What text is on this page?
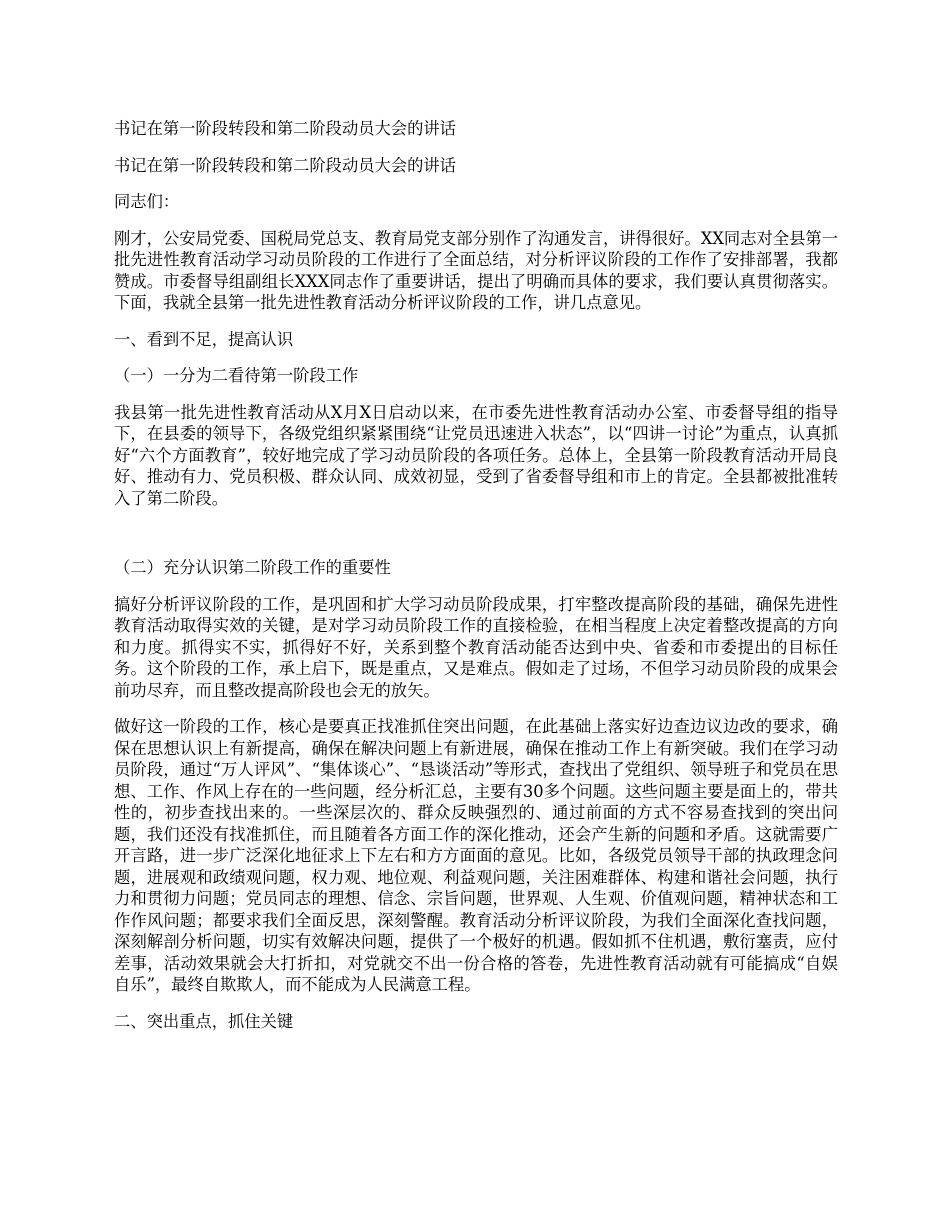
书记在第一阶段转段和第二阶段动员大会的讲话

书记在第一阶段转段和第二阶段动员大会的讲话

同志们：

刚才，公安局党委、国税局党总支、教育局党支部分别作了沟通发言，讲得很好。XX同志对全县第一批先进性教育活动学习动员阶段的工作进行了全面总结，对分析评议阶段的工作作了安排部署，我都赞成。市委督导组副组长XXX同志作了重要讲话，提出了明确而具体的要求，我们要认真贯彻落实。下面，我就全县第一批先进性教育活动分析评议阶段的工作，讲几点意见。

一、看到不足，提高认识

（一）一分为二看待第一阶段工作

我县第一批先进性教育活动从X月X日启动以来，在市委先进性教育活动办公室、市委督导组的指导下，在县委的领导下，各级党组织紧紧围绕“让党员迅速进入状态”，以“四讲一讨论”为重点，认真抓好“六个方面教育”，较好地完成了学习动员阶段的各项任务。总体上，全县第一阶段教育活动开局良好、推动有力、党员积极、群众认同、成效初显，受到了省委督导组和市上的肯定。全县都被批准转入了第二阶段。

（二）充分认识第二阶段工作的重要性

搞好分析评议阶段的工作，是巩固和扩大学习动员阶段成果，打牢整改提高阶段的基础，确保先进性教育活动取得实效的关键，是对学习动员阶段工作的直接检验，在相当程度上决定着整改提高的方向和力度。抓得实不实，抓得好不好，关系到整个教育活动能否达到中央、省委和市委提出的目标任务。这个阶段的工作，承上启下，既是重点，又是难点。假如走了过场，不但学习动员阶段的成果会前功尽弃，而且整改提高阶段也会无的放矢。

做好这一阶段的工作，核心是要真正找准抓住突出问题，在此基础上落实好边查边议边改的要求，确保在思想认识上有新提高，确保在解决问题上有新进展，确保在推动工作上有新突破。我们在学习动员阶段，通过“万人评风”、“集体谈心”、“恳谈活动”等形式，查找出了党组织、领导班子和党员在思想、工作、作风上存在的一些问题，经分析汇总，主要有30多个问题。这些问题主要是面上的，带共性的，初步查找出来的。一些深层次的、群众反映强烈的、通过前面的方式不容易查找到的突出问题，我们还没有找准抓住，而且随着各方面工作的深化推动，还会产生新的问题和矛盾。这就需要广开言路，进一步广泛深化地征求上下左右和方方面面的意见。比如，各级党员领导干部的执政理念问题，进展观和政绩观问题，权力观、地位观、利益观问题，关注困难群体、构建和谐社会问题，执行力和贯彻力问题；党员同志的理想、信念、宗旨问题，世界观、人生观、价值观问题，精神状态和工作作风问题；都要求我们全面反思，深刻警醒。教育活动分析评议阶段，为我们全面深化查找问题，深刻解剖分析问题，切实有效解决问题，提供了一个极好的机遇。假如抓不住机遇，敷衍塞责，应付差事，活动效果就会大打折扣，对党就交不出一份合格的答卷，先进性教育活动就有可能搞成“自娱自乐”，最终自欺欺人，而不能成为人民满意工程。

二、突出重点，抓住关键
